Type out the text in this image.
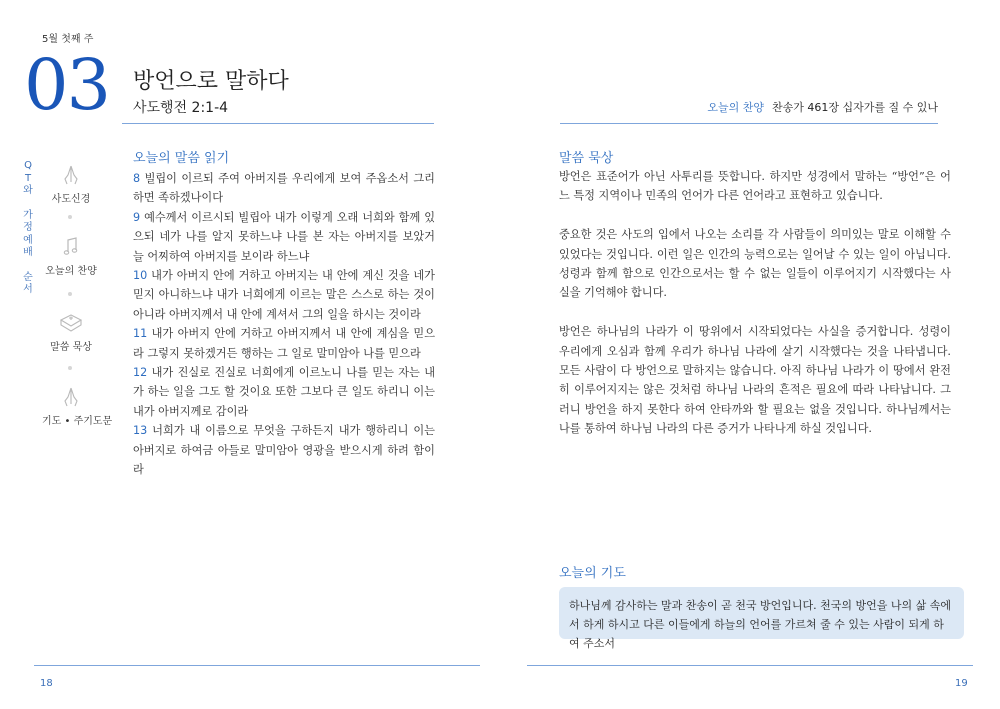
5월 첫째 주
03 방언으로 말하다
사도행전 2:1-4	오늘의 찬양 찬송가 461장 십자가를 질 수 있나
Q
T
와
가
정
예
배
순
서
사도신경
오늘의 찬양
말씀 묵상
기도 • 주기도문
오늘의 말씀 읽기
8 빌립이 이르되 주여 아버지를 우리에게 보여 주옵소서 그리하면 족하겠나이다
9 예수께서 이르시되 빌립아 내가 이렇게 오래 너희와 함께 있으되 네가 나를 알지 못하느냐 나를 본 자는 아버지를 보았거늘 어찌하여 아버지를 보이라 하느냐
10 내가 아버지 안에 거하고 아버지는 내 안에 계신 것을 네가 믿지 아니하느냐 내가 너희에게 이르는 말은 스스로 하는 것이 아니라 아버지께서 내 안에 계셔서 그의 일을 하시는 것이라
11 내가 아버지 안에 거하고 아버지께서 내 안에 계심을 믿으라 그렇지 못하겠거든 행하는 그 일로 말미암아 나를 믿으라
12 내가 진실로 진실로 너희에게 이르노니 나를 믿는 자는 내가 하는 일을 그도 할 것이요 또한 그보다 큰 일도 하리니 이는 내가 아버지께로 감이라
13 너희가 내 이름으로 무엇을 구하든지 내가 행하리니 이는 아버지로 하여금 아들로 말미암아 영광을 받으시게 하려 함이라
말씀 묵상

방언은 표준어가 아닌 사투리를 뜻합니다. 하지만 성경에서 말하는 “방언”은 어느 특정 지역이나 민족의 언어가 다른 언어라고 표현하고 있습니다.

중요한 것은 사도의 입에서 나오는 소리를 각 사람들이 의미있는 말로 이해할 수 있었다는 것입니다. 이런 일은 인간의 능력으로는 일어날 수 있는 일이 아닙니다. 성령과 함께 함으로 인간으로서는 할 수 없는 일들이 이루어지기 시작했다는 사실을 기억해야 합니다.

방언은 하나님의 나라가 이 땅위에서 시작되었다는 사실을 증거합니다. 성령이 우리에게 오심과 함께 우리가 하나님 나라에 살기 시작했다는 것을 나타냅니다. 모든 사람이 다 방언으로 말하지는 않습니다. 아직 하나님 나라가 이 땅에서 완전히 이루어지지는 않은 것처럼 하나님 나라의 흔적은 필요에 따라 나타납니다. 그러니 방언을 하지 못한다 하여 안타까와 할 필요는 없을 것입니다. 하나님께서는 나를 통하여 하나님 나라의 다른 증거가 나타나게 하실 것입니다.

오늘의 기도
하나님께 감사하는 말과 찬송이 곧 천국 방언입니다. 천국의 방언을 나의 삶 속에서 하게 하시고 다른 이들에게 하늘의 언어를 가르쳐 줄 수 있는 사람이 되게 하여 주소서
18	19
